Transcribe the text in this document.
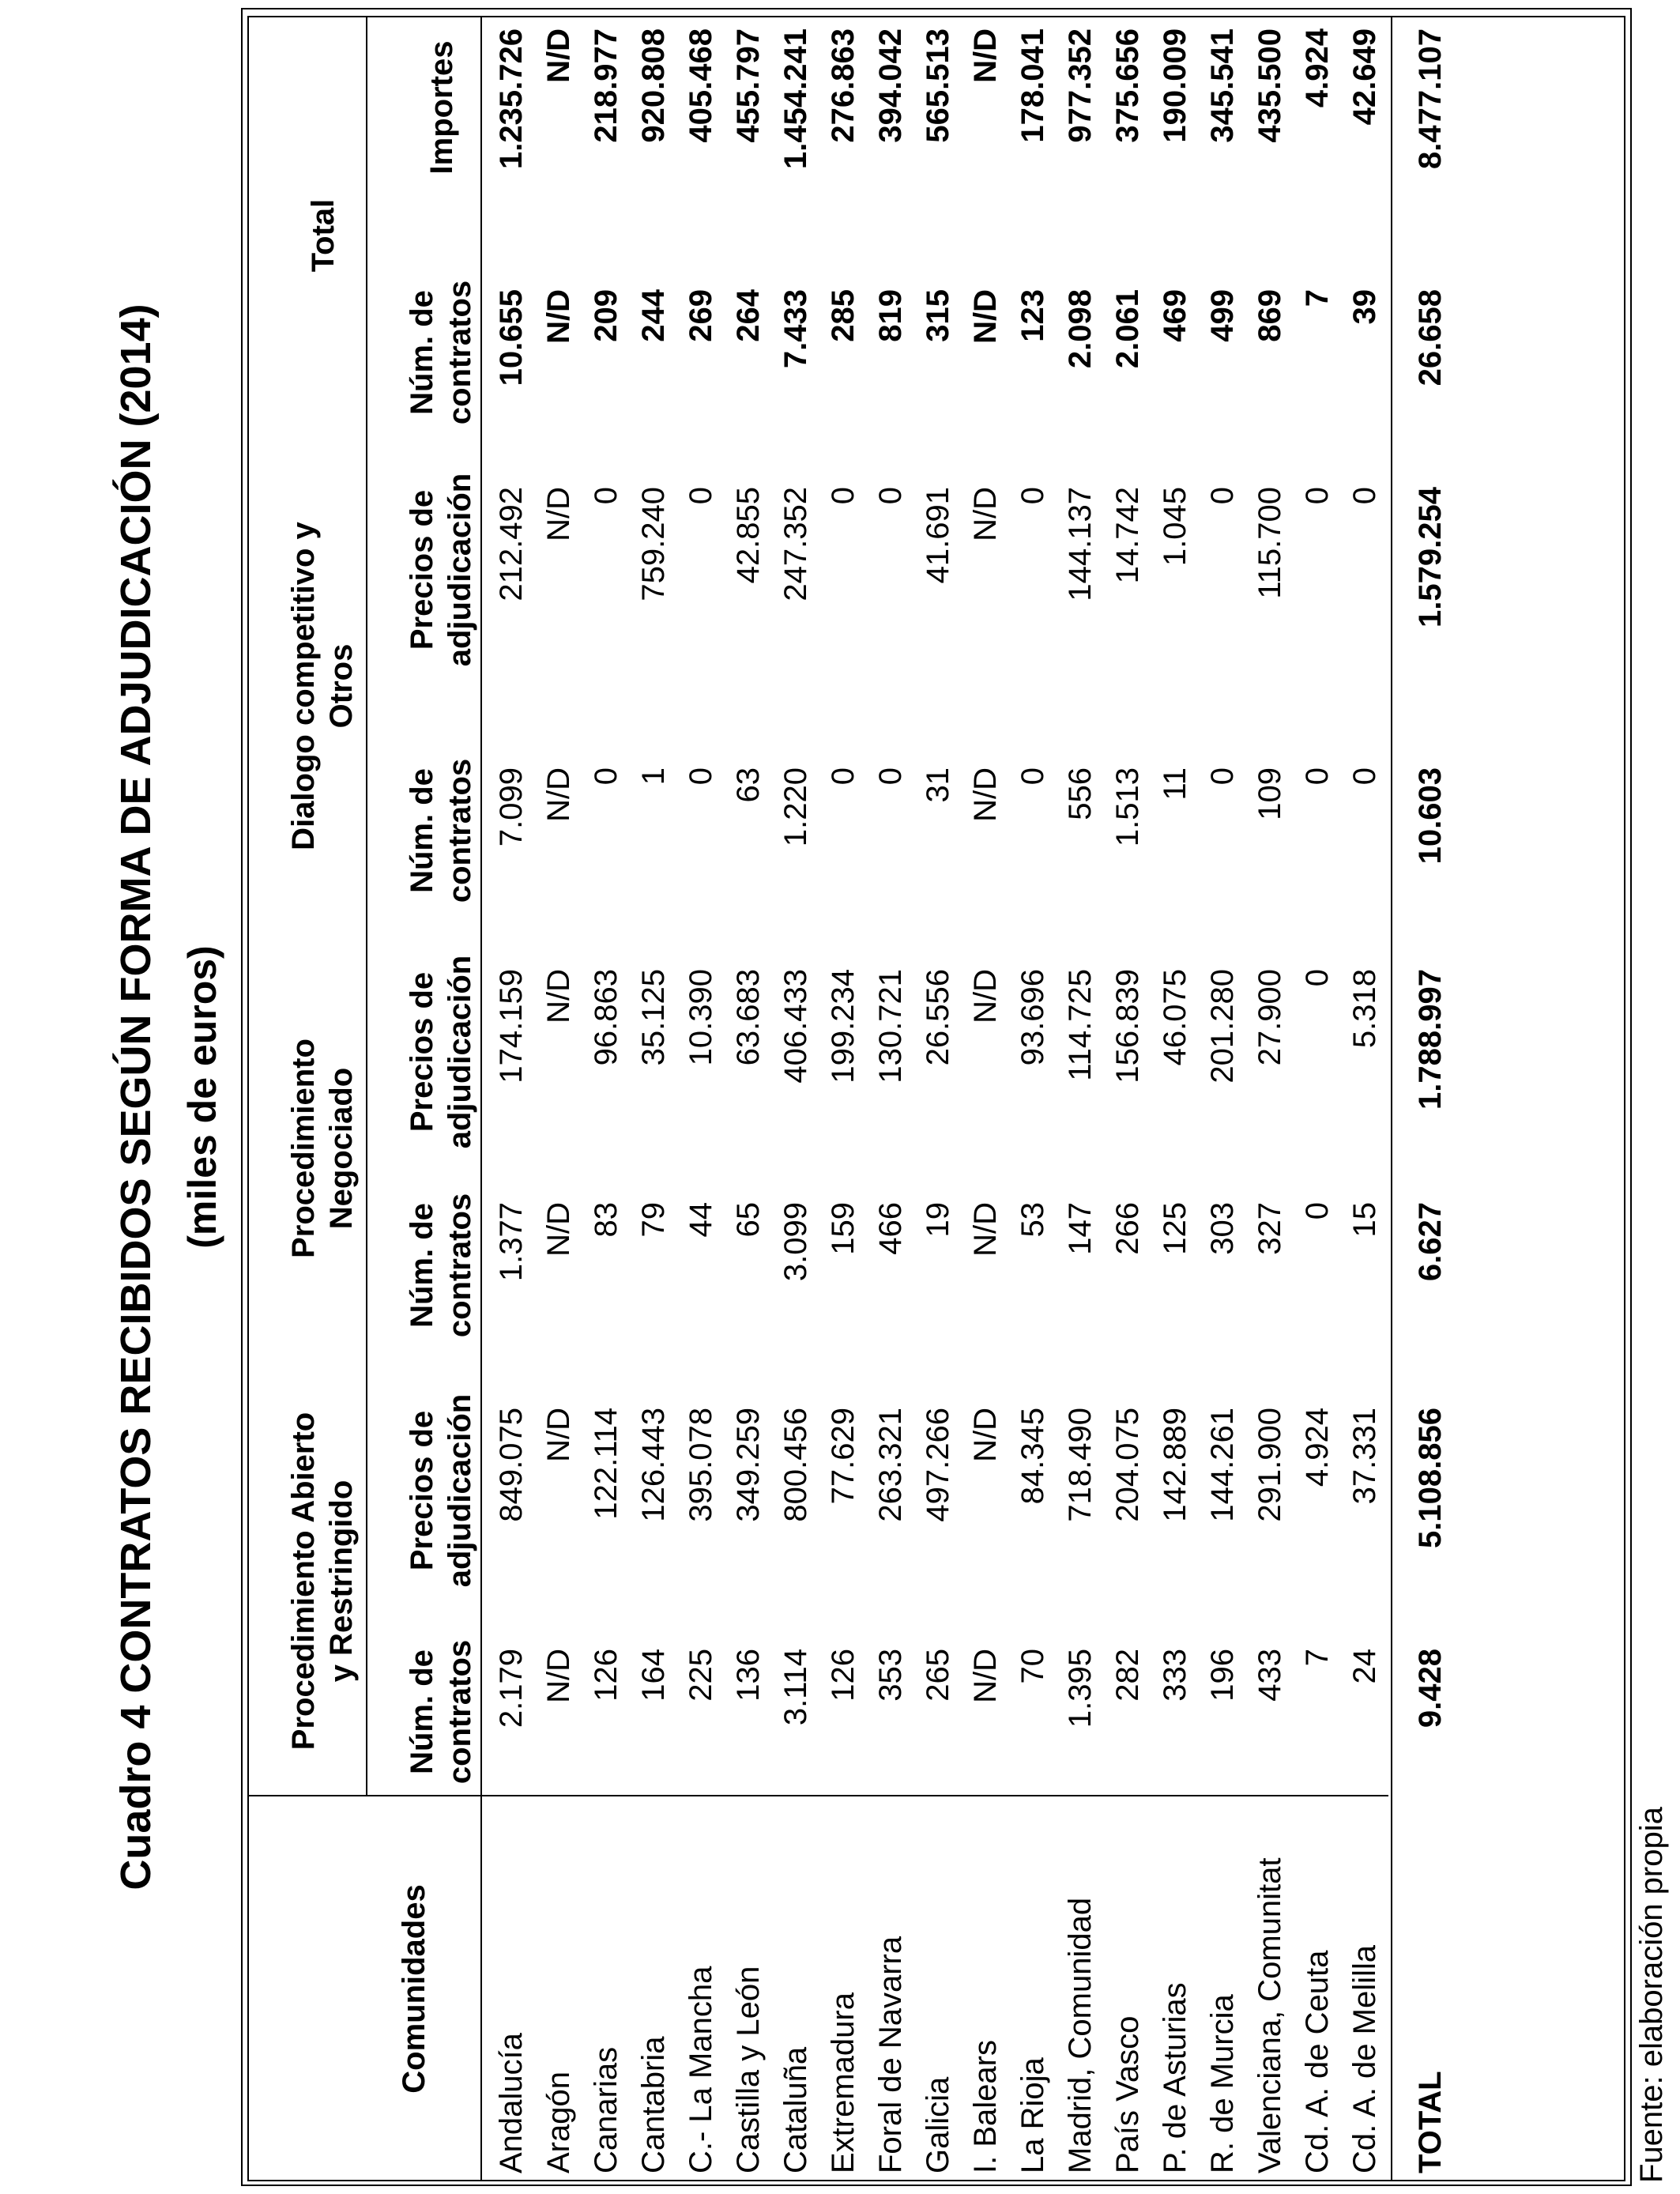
Cuadro 4 CONTRATOS RECIBIDOS SEGÚN FORMA DE ADJUDICACIÓN (2014) (miles de euros)
Comunidades
Procedimiento Abierto y Restringido
Procedimiento Negociado
Dialogo competitivo y Otros
Total
Núm. de contratos
Precios de adjudicación
Núm. de contratos
Precios de adjudicación
Núm. de contratos
Precios de adjudicación
Núm. de contratos
Importes
Andalucía
2.179
849.075
1.377
174.159
7.099
212.492
10.655
1.235.726
Aragón
N/D
N/D
N/D
N/D
N/D
N/D
N/D
N/D
Canarias
126
122.114
83
96.863
0
0
209
218.977
Cantabria
164
126.443
79
35.125
1
759.240
244
920.808
C.- La Mancha
225
395.078
44
10.390
0
0
269
405.468
Castilla y León
136
349.259
65
63.683
63
42.855
264
455.797
Cataluña
3.114
800.456
3.099
406.433
1.220
247.352
7.433
1.454.241
Extremadura
126
77.629
159
199.234
0
0
285
276.863
Foral de Navarra
353
263.321
466
130.721
0
0
819
394.042
Galicia
265
497.266
19
26.556
31
41.691
315
565.513
I. Balears
N/D
N/D
N/D
N/D
N/D
N/D
N/D
N/D
La Rioja
70
84.345
53
93.696
0
0
123
178.041
Madrid, Comunidad
1.395
718.490
147
114.725
556
144.137
2.098
977.352
País Vasco
282
204.075
266
156.839
1.513
14.742
2.061
375.656
P. de Asturias
333
142.889
125
46.075
11
1.045
469
190.009
R. de Murcia
196
144.261
303
201.280
0
0
499
345.541
Valenciana, Comunitat
433
291.900
327
27.900
109
115.700
869
435.500
Cd. A. de Ceuta
7
4.924
0
0
0
0
7
4.924
Cd. A. de Melilla
24
37.331
15
5.318
0
0
39
42.649
TOTAL
9.428
5.108.856
6.627
1.788.997
10.603
1.579.254
26.658
8.477.107
Fuente: elaboración propia
